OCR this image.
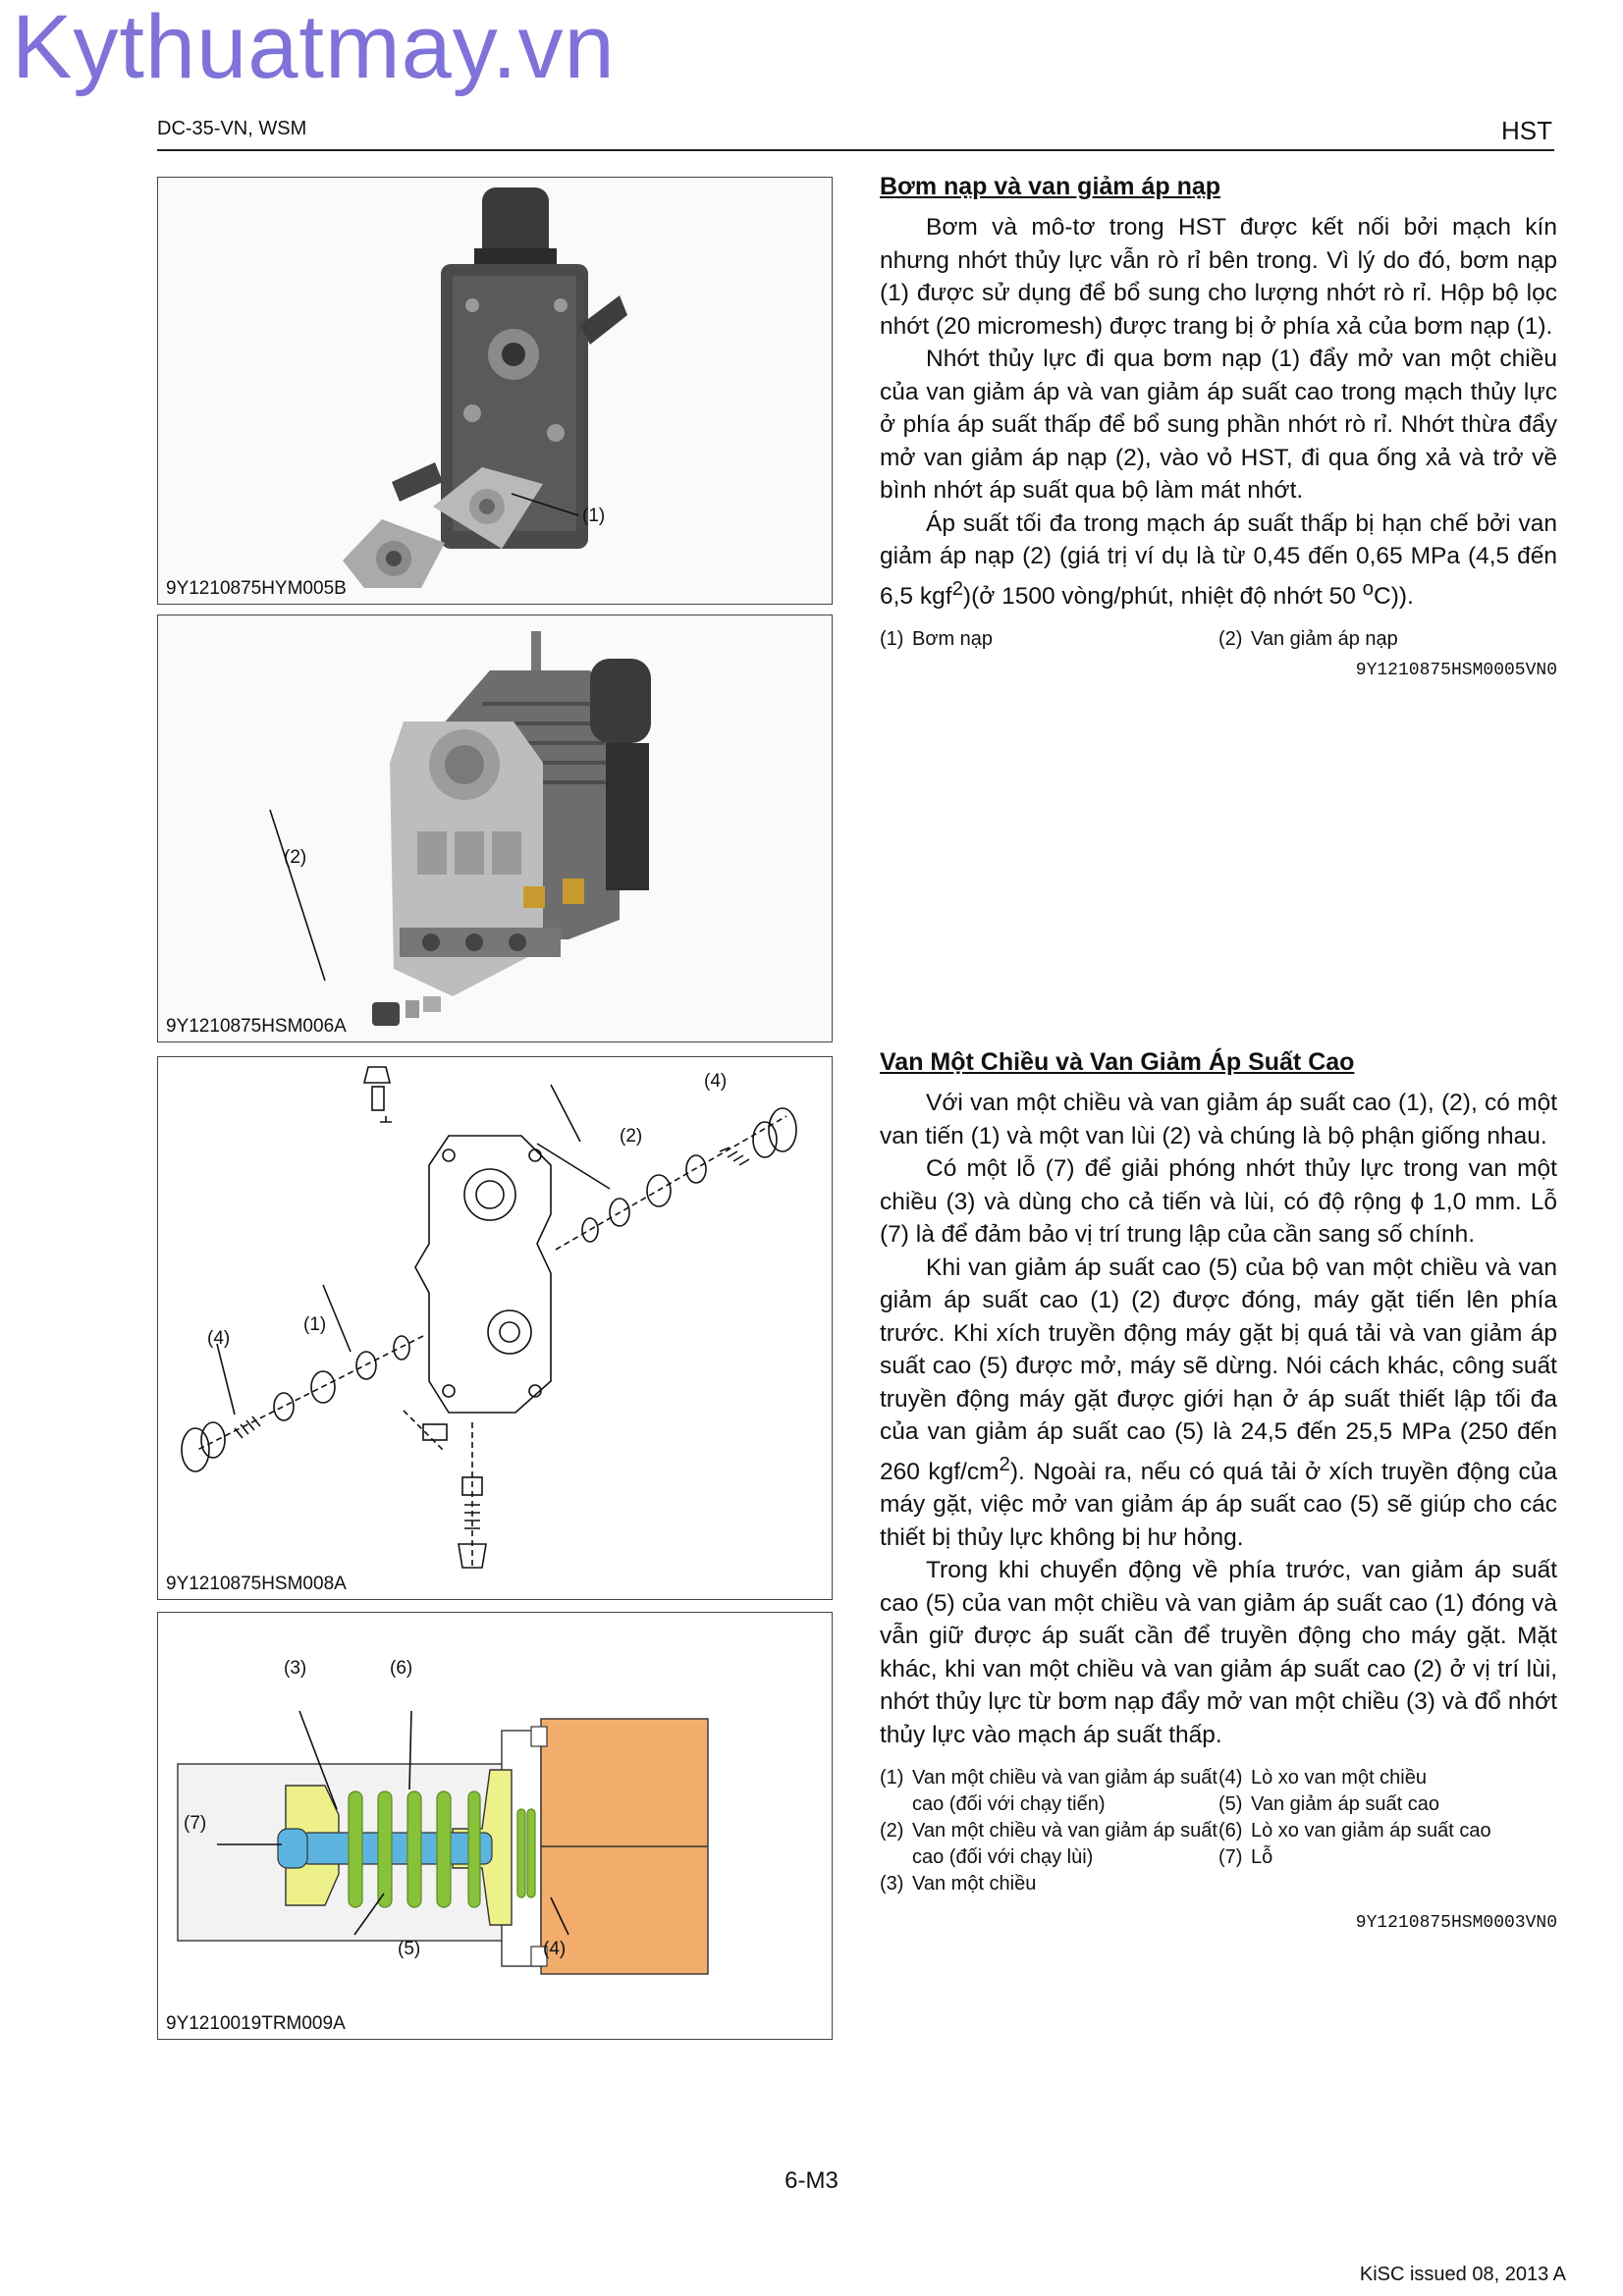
Kythuatmay.vn
DC-35-VN, WSM	HST
(1)
9Y1210875HYM005B
(2)
9Y1210875HSM006A
Bơm nạp và van giảm áp nạp

Bơm và mô-tơ trong HST được kết nối bởi mạch kín nhưng nhớt thủy lực vẫn rò rỉ bên trong. Vì lý do đó, bơm nạp (1) được sử dụng để bổ sung cho lượng nhớt rò rỉ. Hộp bộ lọc nhớt (20 micromesh) được trang bị ở phía xả của bơm nạp (1).

Nhớt thủy lực đi qua bơm nạp (1) đẩy mở van một chiều của van giảm áp và van giảm áp suất cao trong mạch thủy lực ở phía áp suất thấp để bổ sung phần nhớt rò rỉ. Nhớt thừa đẩy mở van giảm áp nạp (2), vào vỏ HST, đi qua ống xả và trở về bình nhớt áp suất qua bộ làm mát nhớt.

Áp suất tối đa trong mạch áp suất thấp bị hạn chế bởi van giảm áp nạp (2) (giá trị ví dụ là từ 0,45 đến 0,65 MPa (4,5 đến 6,5 kgf$^2$)(ở 1500 vòng/phút, nhiệt độ nhớt 50 $^o$C)).

(1) Bơm nạp	(2) Van giảm áp nạp
9Y1210875HSM0005VN0
(4)
(2)
(1)
(4)
9Y1210875HSM008A
(3)	(6)
(7)
(5)	(4)
9Y1210019TRM009A
Van Một Chiều và Van Giảm Áp Suất Cao

Với van một chiều và van giảm áp suất cao (1), (2), có một van tiến (1) và một van lùi (2) và chúng là bộ phận giống nhau.

Có một lỗ (7) để giải phóng nhớt thủy lực trong van một chiều (3) và dùng cho cả tiến và lùi, có độ rộng ϕ 1,0 mm. Lỗ (7) là để đảm bảo vị trí trung lập của cần sang số chính.

Khi van giảm áp suất cao (5) của bộ van một chiều và van giảm áp suất cao (1) (2) được đóng, máy gặt tiến lên phía trước. Khi xích truyền động máy gặt bị quá tải và van giảm áp suất cao (5) được mở, máy sẽ dừng. Nói cách khác, công suất truyền động máy gặt được giới hạn ở áp suất thiết lập tối đa của van giảm áp suất cao (5) là 24,5 đến 25,5 MPa (250 đến 260 kgf/$cm^2$). Ngoài ra, nếu có quá tải ở xích truyền động của máy gặt, việc mở van giảm áp áp suất cao (5) sẽ giúp cho các thiết bị thủy lực không bị hư hỏng.

Trong khi chuyển động về phía trước, van giảm áp suất cao (5) của van một chiều và van giảm áp suất cao (1) đóng và vẫn giữ được áp suất cần để truyền động cho máy gặt. Mặt khác, khi van một chiều và van giảm áp suất cao (2) ở vị trí lùi, nhớt thủy lực từ bơm nạp đẩy mở van một chiều (3) và đổ nhớt thủy lực vào mạch áp suất thấp.

(1) Van một chiều và van giảm áp suất cao (đối với chạy tiến)
(2) Van một chiều và van giảm áp suất cao (đối với chạy lùi)
(3) Van một chiều
(4) Lò xo van một chiều
(5) Van giảm áp suất cao
(6) Lò xo van giảm áp suất cao
(7) Lỗ
9Y1210875HSM0003VN0
6-M3
KiSC issued 08, 2013 A
